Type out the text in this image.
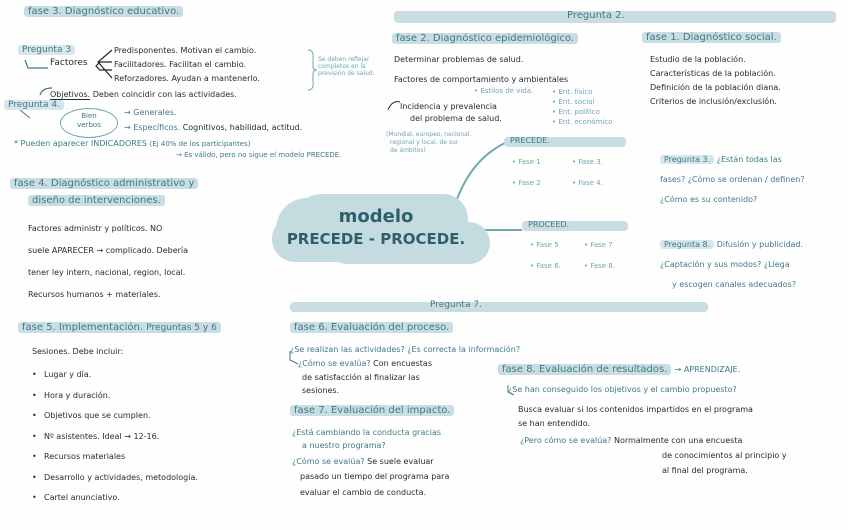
Pregunta 2.
fase 3. Diagnóstico educativo.
Pregunta 3
Factores
Predisponentes. Motivan el cambio.
Facilitadores. Facilitan el cambio.
Reforzadores. Ayudan a mantenerlo.
Se deben reflejar completos en la previsión de salud.
Objetivos. Deben coincidir con las actividades.
Pregunta 4.
Bien verbos
→ Generales.
→ Específicos. Cognitivos, habilidad, actitud.
* Pueden aparecer INDICADORES (Ej 40% de los participantes)
→ Es válido, pero no sigue el modelo PRECEDE.
fase 2. Diagnóstico epidemiológico.
Determinar problemas de salud.
Factores de comportamiento y ambientales
• Estilos de vida.
Incidencia y prevalencia
del problema de salud.
• Ent. físico
• Ent. social
• Ent. político
• Ent. económico
(Mundial, europeo, nacional,
regional y local, de sur
de ámbitos)
fase 1. Diagnóstico social.
Estudio de la población.
Características de la población.
Definición de la población diana.
Criterios de inclusión/exclusión.
PRECEDE.
• Fase 1	• Fase 3.
• Fase 2	• Fase 4.
PROCEED.
• Fase 5	• Fase 7
• Fase 6.	• Fase 8.
modelo
PRECEDE - PROCEDE.
Pregunta 3. ¿Están todas las
fases? ¿Cómo se ordenan / definen?
¿Cómo es su contenido?
Pregunta 8. Difusión y publicidad.
¿Captación y sus modos? ¿Llega
y escogen canales adecuados?
fase 4. Diagnóstico administrativo y
diseño de intervenciones.
Factores administr y políticos. NO
suele APARECER → complicado. Debería
tener ley intern, nacional, region, local.
Recursos humanos + materiales.
Pregunta 7.
fase 5. Implementación. Preguntas 5 y 6
Sesiones. Debe incluir:
• Lugar y día.
• Hora y duración.
• Objetivos que se cumplen.
• Nº asistentes. Ideal → 12-16.
• Recursos materiales
• Desarrollo y actividades, metodología.
• Cartel anunciativo.
fase 6. Evaluación del proceso.
¿Se realizan las actividades? ¿Es correcta la información?
¿Cómo se evalúa? Con encuestas
de satisfacción al finalizar las
sesiones.
fase 7. Evaluación del impacto.
¿Está cambiando la conducta gracias
a nuestro programa?
¿Cómo se evalúa? Se suele evaluar
pasado un tiempo del programa para
evaluar el cambio de conducta.
fase 8. Evaluación de resultados. → APRENDIZAJE.
¿Se han conseguido los objetivos y el cambio propuesto?
Busca evaluar si los contenidos impartidos en el programa
se han entendido.
¿Pero cómo se evalúa? Normalmente con una encuesta
de conocimientos al principio y
al final del programa.
